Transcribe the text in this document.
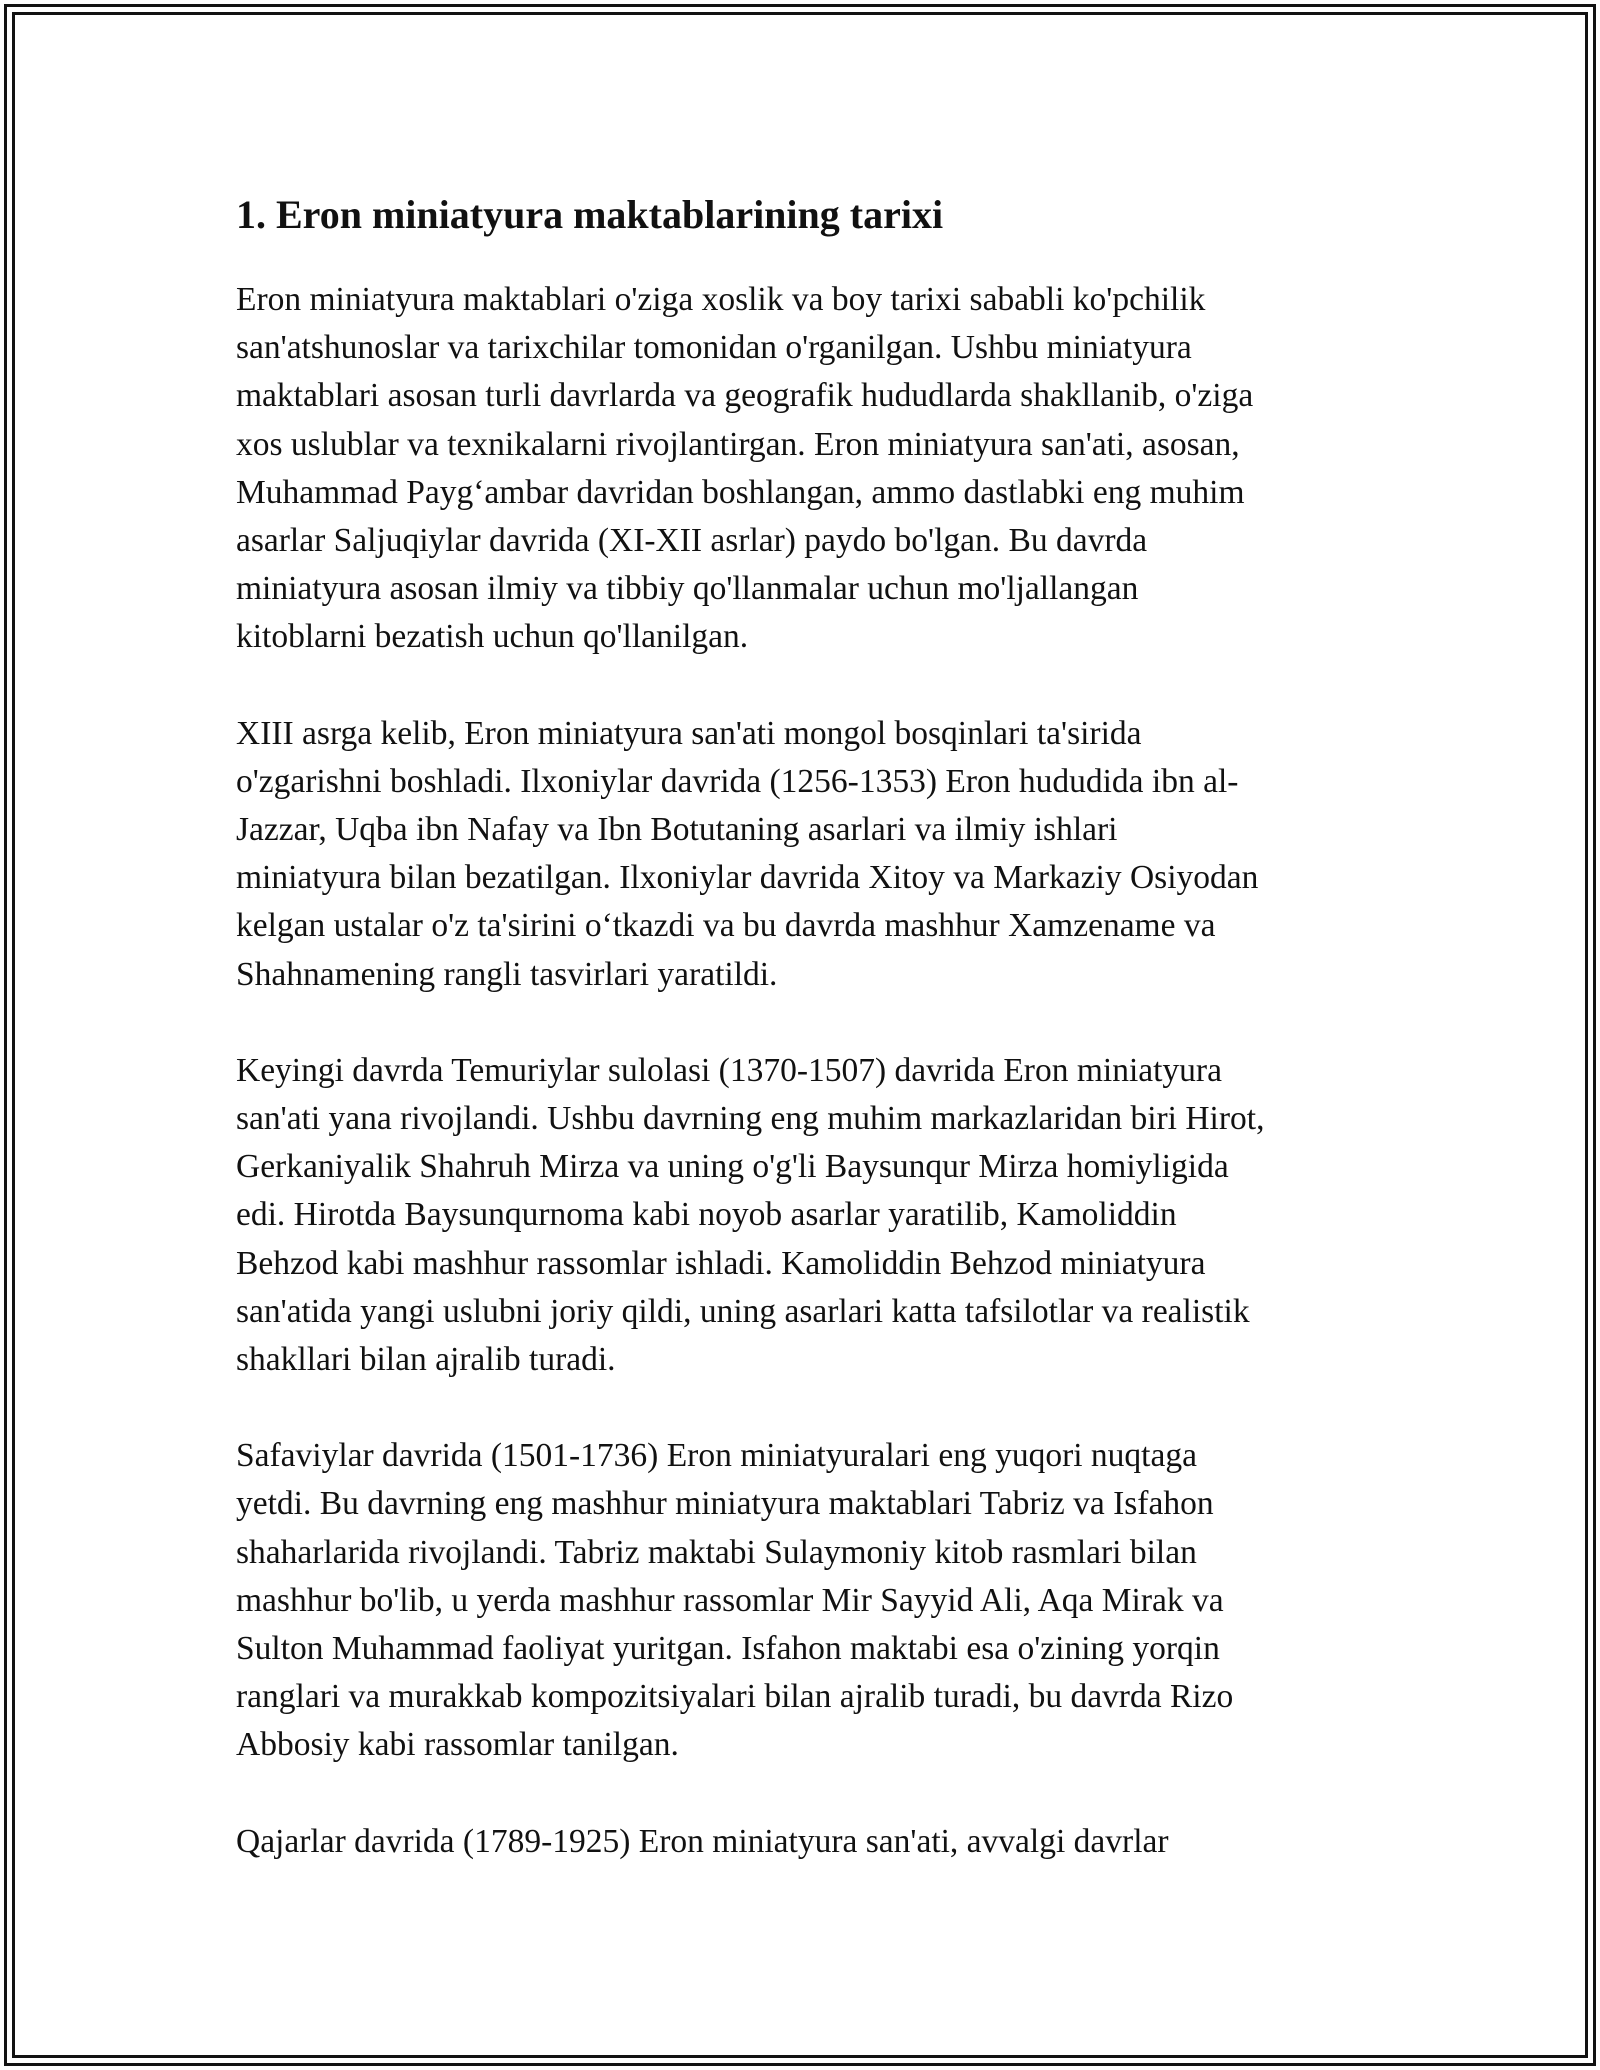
1. Eron miniatyura maktablarining tarixi

Eron miniatyura maktablari o'ziga xoslik va boy tarixi sababli ko'pchilik
san'atshunoslar va tarixchilar tomonidan o'rganilgan. Ushbu miniatyura
maktablari asosan turli davrlarda va geografik hududlarda shakllanib, o'ziga
xos uslublar va texnikalarni rivojlantirgan. Eron miniatyura san'ati, asosan,
Muhammad Payg‘ambar davridan boshlangan, ammo dastlabki eng muhim
asarlar Saljuqiylar davrida (XI-XII asrlar) paydo bo'lgan. Bu davrda
miniatyura asosan ilmiy va tibbiy qo'llanmalar uchun mo'ljallangan
kitoblarni bezatish uchun qo'llanilgan.

XIII asrga kelib, Eron miniatyura san'ati mongol bosqinlari ta'sirida
o'zgarishni boshladi. Ilxoniylar davrida (1256-1353) Eron hududida ibn al-
Jazzar, Uqba ibn Nafay va Ibn Botutaning asarlari va ilmiy ishlari
miniatyura bilan bezatilgan. Ilxoniylar davrida Xitoy va Markaziy Osiyodan
kelgan ustalar o'z ta'sirini o‘tkazdi va bu davrda mashhur Xamzename va
Shahnamening rangli tasvirlari yaratildi.

Keyingi davrda Temuriylar sulolasi (1370-1507) davrida Eron miniatyura
san'ati yana rivojlandi. Ushbu davrning eng muhim markazlaridan biri Hirot,
Gerkaniyalik Shahruh Mirza va uning o'g'li Baysunqur Mirza homiyligida
edi. Hirotda Baysunqurnoma kabi noyob asarlar yaratilib, Kamoliddin
Behzod kabi mashhur rassomlar ishladi. Kamoliddin Behzod miniatyura
san'atida yangi uslubni joriy qildi, uning asarlari katta tafsilotlar va realistik
shakllari bilan ajralib turadi.

Safaviylar davrida (1501-1736) Eron miniatyuralari eng yuqori nuqtaga
yetdi. Bu davrning eng mashhur miniatyura maktablari Tabriz va Isfahon
shaharlarida rivojlandi. Tabriz maktabi Sulaymoniy kitob rasmlari bilan
mashhur bo'lib, u yerda mashhur rassomlar Mir Sayyid Ali, Aqa Mirak va
Sulton Muhammad faoliyat yuritgan. Isfahon maktabi esa o'zining yorqin
ranglari va murakkab kompozitsiyalari bilan ajralib turadi, bu davrda Rizo
Abbosiy kabi rassomlar tanilgan.

Qajarlar davrida (1789-1925) Eron miniatyura san'ati, avvalgi davrlar
